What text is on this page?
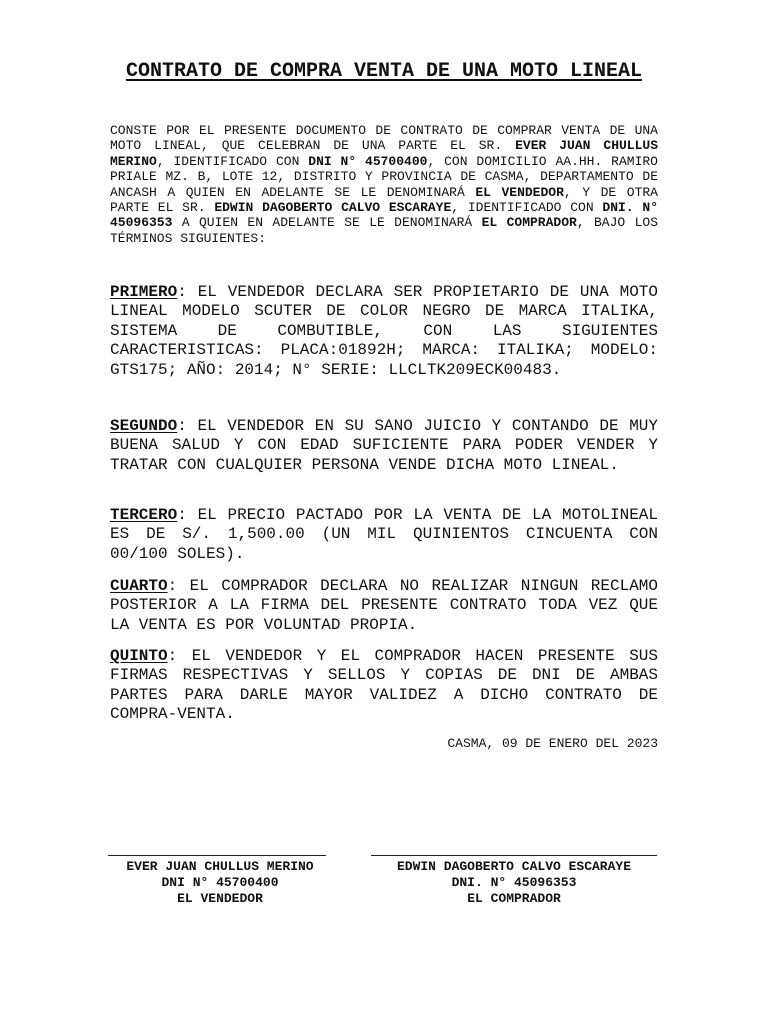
CONTRATO DE COMPRA VENTA DE UNA MOTO LINEAL

CONSTE POR EL PRESENTE DOCUMENTO DE CONTRATO DE COMPRAR VENTA DE UNA MOTO LINEAL, QUE CELEBRAN DE UNA PARTE EL SR. EVER JUAN CHULLUS MERINO, IDENTIFICADO CON DNI N° 45700400, CON DOMICILIO AA.HH. RAMIRO PRIALE MZ. B, LOTE 12, DISTRITO Y PROVINCIA DE CASMA, DEPARTAMENTO DE ANCASH A QUIEN EN ADELANTE SE LE DENOMINARÁ EL VENDEDOR, Y DE OTRA PARTE EL SR. EDWIN DAGOBERTO CALVO ESCARAYE, IDENTIFICADO CON DNI. N° 45096353 A QUIEN EN ADELANTE SE LE DENOMINARÁ EL COMPRADOR, BAJO LOS TÉRMINOS SIGUIENTES:

PRIMERO: EL VENDEDOR DECLARA SER PROPIETARIO DE UNA MOTO LINEAL MODELO SCUTER DE COLOR NEGRO DE MARCA ITALIKA, SISTEMA DE COMBUTIBLE, CON LAS SIGUIENTES CARACTERISTICAS: PLACA:01892H; MARCA: ITALIKA; MODELO: GTS175; AÑO: 2014; N° SERIE: LLCLTK209ECK00483.

SEGUNDO: EL VENDEDOR EN SU SANO JUICIO Y CONTANDO DE MUY BUENA SALUD Y CON EDAD SUFICIENTE PARA PODER VENDER Y TRATAR CON CUALQUIER PERSONA VENDE DICHA MOTO LINEAL.

TERCERO: EL PRECIO PACTADO POR LA VENTA DE LA MOTOLINEAL ES DE S/. 1,500.00 (UN MIL QUINIENTOS CINCUENTA CON 00/100 SOLES).

CUARTO: EL COMPRADOR DECLARA NO REALIZAR NINGUN RECLAMO POSTERIOR A LA FIRMA DEL PRESENTE CONTRATO TODA VEZ QUE LA VENTA ES POR VOLUNTAD PROPIA.

QUINTO: EL VENDEDOR Y EL COMPRADOR HACEN PRESENTE SUS FIRMAS RESPECTIVAS Y SELLOS Y COPIAS DE DNI DE AMBAS PARTES PARA DARLE MAYOR VALIDEZ A DICHO CONTRATO DE COMPRA-VENTA.

CASMA, 09 DE ENERO DEL 2023

EVER JUAN CHULLUS MERINO
DNI N° 45700400
EL VENDEDOR
EDWIN DAGOBERTO CALVO ESCARAYE
DNI. N° 45096353
EL COMPRADOR
